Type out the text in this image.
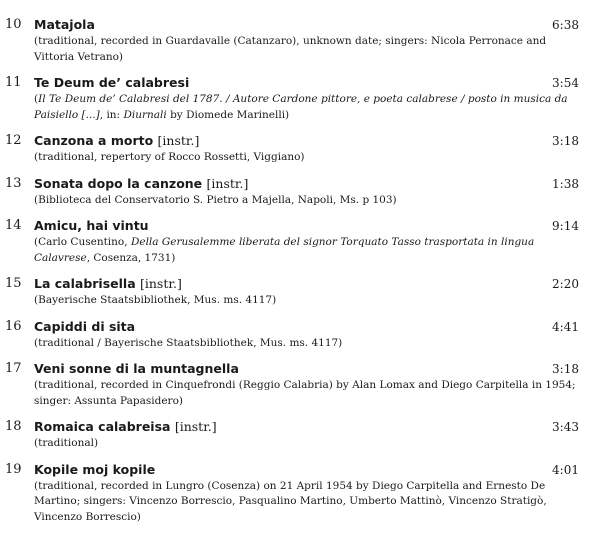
10 Matajola	6:38
(traditional, recorded in Guardavalle (Catanzaro), unknown date; singers: Nicola Perronace and Vittoria Vetrano)
11 Te Deum de’ calabresi	3:54
(Il Te Deum de’ Calabresi del 1787. / Autore Cardone pittore, e poeta calabrese / posto in musica da Paisiello [...], in: Diurnali by Diomede Marinelli)
12 Canzona a morto [instr.]	3:18
(traditional, repertory of Rocco Rossetti, Viggiano)
13 Sonata dopo la canzone [instr.]	1:38
(Biblioteca del Conservatorio S. Pietro a Majella, Napoli, Ms. p 103)
14 Amicu, hai vintu	9:14
(Carlo Cusentino, Della Gerusalemme liberata del signor Torquato Tasso trasportata in lingua Calavrese, Cosenza, 1731)
15 La calabrisella [instr.]	2:20
(Bayerische Staatsbibliothek, Mus. ms. 4117)
16 Capiddi di sita	4:41
(traditional / Bayerische Staatsbibliothek, Mus. ms. 4117)
17 Veni sonne di la muntagnella	3:18
(traditional, recorded in Cinquefrondi (Reggio Calabria) by Alan Lomax and Diego Carpitella in 1954; singer: Assunta Papasidero)
18 Romaica calabreisa [instr.]	3:43
(traditional)
19 Kopile moj kopile	4:01
(traditional, recorded in Lungro (Cosenza) on 21 April 1954 by Diego Carpitella and Ernesto De Martino; singers: Vincenzo Borrescio, Pasqualino Martino, Umberto Mattinò, Vincenzo Stratigò, Vincenzo Borrescio)
